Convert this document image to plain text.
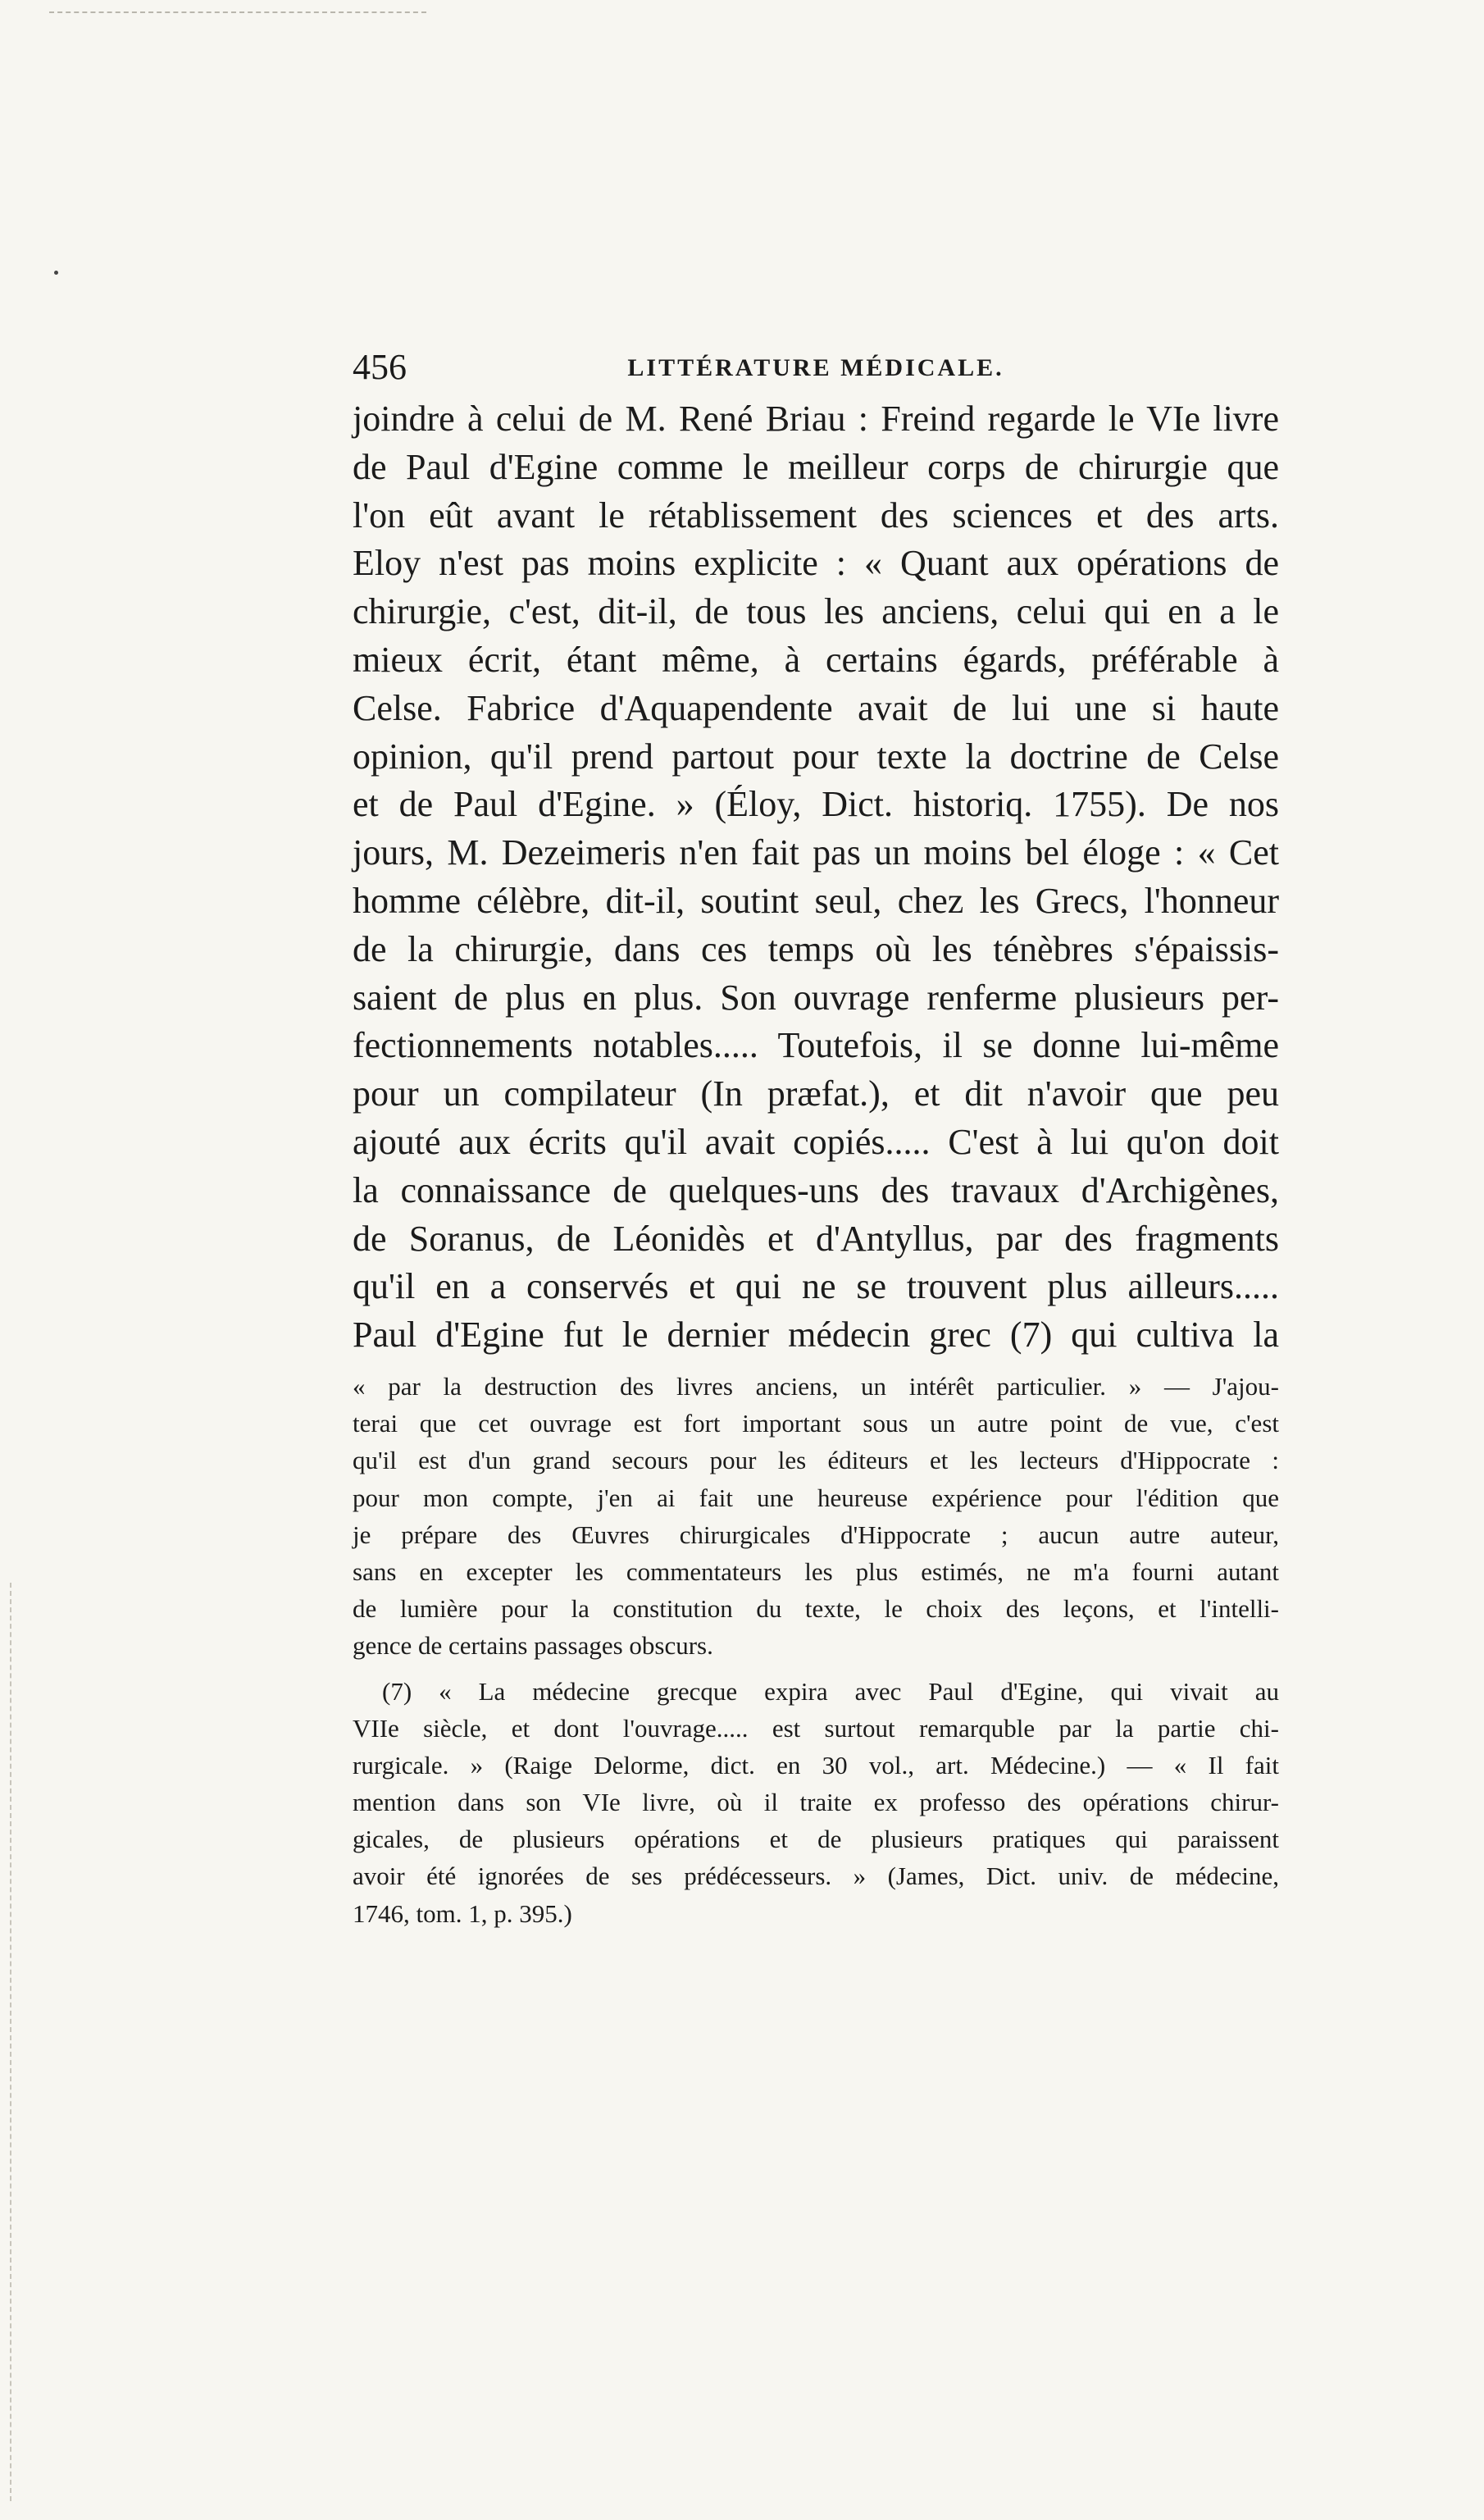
456	LITTÉRATURE MÉDICALE.
joindre à celui de M. René Briau : Freind regarde le VIe livre
de Paul d'Egine comme le meilleur corps de chirurgie que
l'on eût avant le rétablissement des sciences et des arts.
Eloy n'est pas moins explicite : « Quant aux opérations de
chirurgie, c'est, dit-il, de tous les anciens, celui qui en a le
mieux écrit, étant même, à certains égards, préférable à
Celse. Fabrice d'Aquapendente avait de lui une si haute
opinion, qu'il prend partout pour texte la doctrine de Celse
et de Paul d'Egine. » (Éloy, Dict. historiq. 1755). De nos
jours, M. Dezeimeris n'en fait pas un moins bel éloge : « Cet
homme célèbre, dit-il, soutint seul, chez les Grecs, l'honneur
de la chirurgie, dans ces temps où les ténèbres s'épaissis-
saient de plus en plus. Son ouvrage renferme plusieurs per-
fectionnements notables..... Toutefois, il se donne lui-même
pour un compilateur (In præfat.), et dit n'avoir que peu
ajouté aux écrits qu'il avait copiés..... C'est à lui qu'on doit
la connaissance de quelques-uns des travaux d'Archigènes,
de Soranus, de Léonidès et d'Antyllus, par des fragments
qu'il en a conservés et qui ne se trouvent plus ailleurs.....
Paul d'Egine fut le dernier médecin grec (7) qui cultiva la
« par la destruction des livres anciens, un intérêt particulier. » — J'ajou-
terai que cet ouvrage est fort important sous un autre point de vue, c'est
qu'il est d'un grand secours pour les éditeurs et les lecteurs d'Hippocrate :
pour mon compte, j'en ai fait une heureuse expérience pour l'édition que
je prépare des Œuvres chirurgicales d'Hippocrate ; aucun autre auteur,
sans en excepter les commentateurs les plus estimés, ne m'a fourni autant
de lumière pour la constitution du texte, le choix des leçons, et l'intelli-
gence de certains passages obscurs.
(7) « La médecine grecque expira avec Paul d'Egine, qui vivait au
VIIe siècle, et dont l'ouvrage..... est surtout remarquble par la partie chi-
rurgicale. » (Raige Delorme, dict. en 30 vol., art. Médecine.) — « Il fait
mention dans son VIe livre, où il traite ex professo des opérations chirur-
gicales, de plusieurs opérations et de plusieurs pratiques qui paraissent
avoir été ignorées de ses prédécesseurs. » (James, Dict. univ. de médecine,
1746, tom. 1, p. 395.)
